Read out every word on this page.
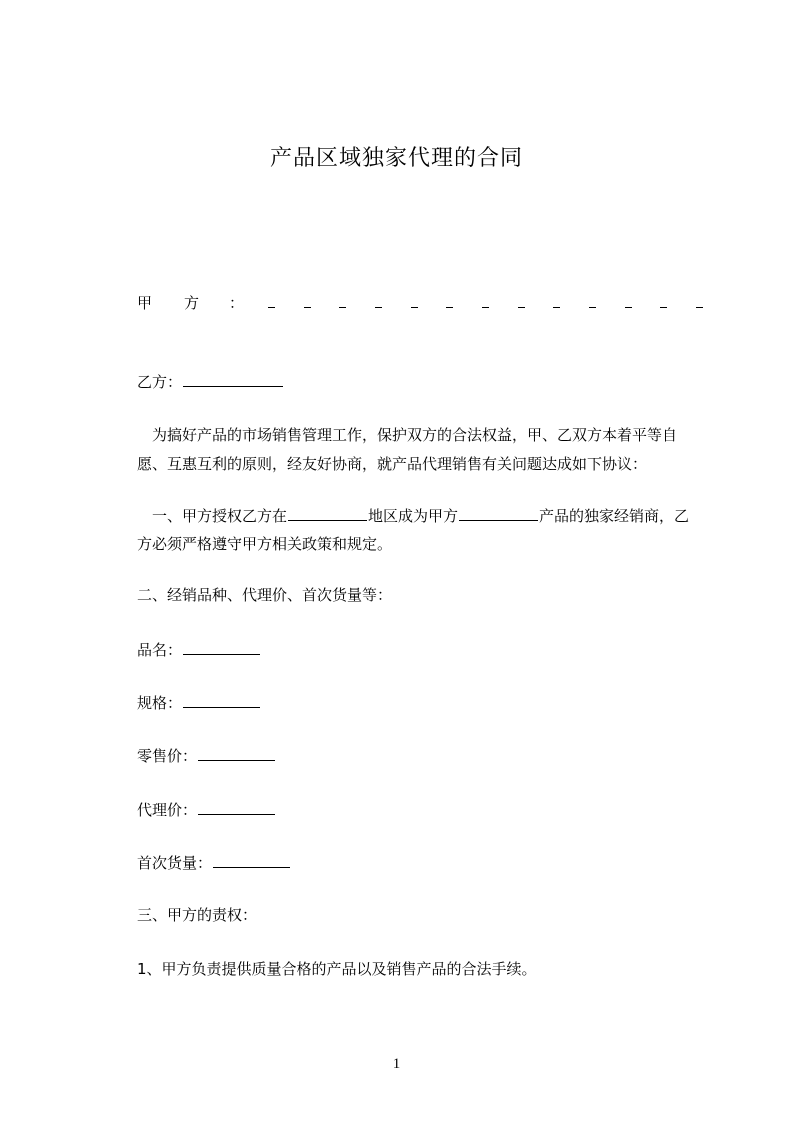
产品区域独家代理的合同
甲 方 ：
乙方：
　为搞好产品的市场销售管理工作，保护双方的合法权益，甲、乙双方本着平等自
愿、互惠互利的原则，经友好协商，就产品代理销售有关问题达成如下协议：
　一、甲方授权乙方在	地区成为甲方	产品的独家经销商，乙
方必须严格遵守甲方相关政策和规定。
二、经销品种、代理价、首次货量等：
品名：
规格：
零售价：
代理价：
首次货量：
三、甲方的责权：
1、甲方负责提供质量合格的产品以及销售产品的合法手续。
1
